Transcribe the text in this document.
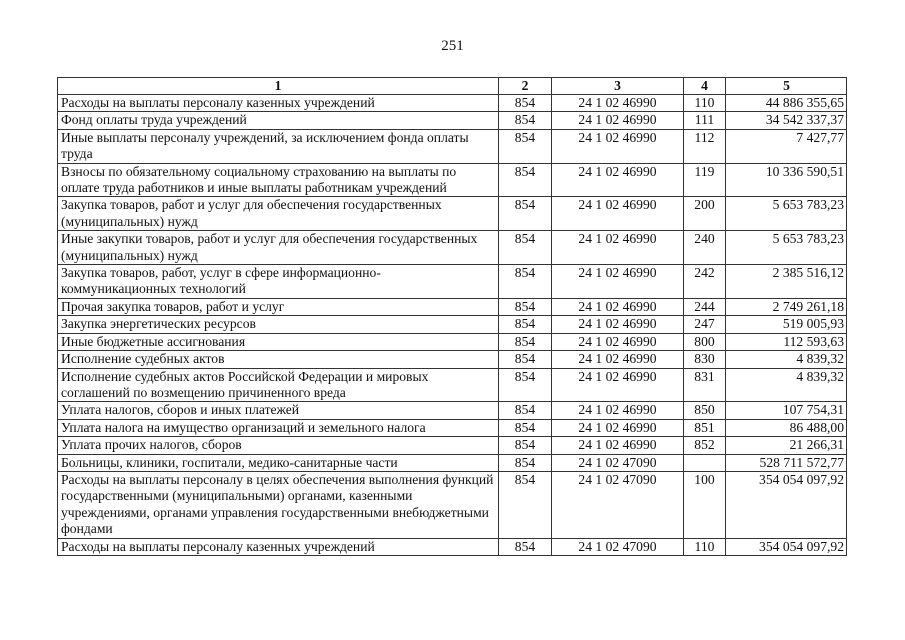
251
1	2	3	4	5
Расходы на выплаты персоналу казенных учреждений	854	24 1 02 46990	110	44 886 355,65
Фонд оплаты труда учреждений	854	24 1 02 46990	111	34 542 337,37
Иные выплаты персоналу учреждений, за исключением фонда оплаты труда	854	24 1 02 46990	112	7 427,77
Взносы по обязательному социальному страхованию на выплаты по оплате труда работников и иные выплаты работникам учреждений	854	24 1 02 46990	119	10 336 590,51
Закупка товаров, работ и услуг для обеспечения государственных (муниципальных) нужд	854	24 1 02 46990	200	5 653 783,23
Иные закупки товаров, работ и услуг для обеспечения государственных (муниципальных) нужд	854	24 1 02 46990	240	5 653 783,23
Закупка товаров, работ, услуг в сфере информационно-коммуникационных технологий	854	24 1 02 46990	242	2 385 516,12
Прочая закупка товаров, работ и услуг	854	24 1 02 46990	244	2 749 261,18
Закупка энергетических ресурсов	854	24 1 02 46990	247	519 005,93
Иные бюджетные ассигнования	854	24 1 02 46990	800	112 593,63
Исполнение судебных актов	854	24 1 02 46990	830	4 839,32
Исполнение судебных актов Российской Федерации и мировых соглашений по возмещению причиненного вреда	854	24 1 02 46990	831	4 839,32
Уплата налогов, сборов и иных платежей	854	24 1 02 46990	850	107 754,31
Уплата налога на имущество организаций и земельного налога	854	24 1 02 46990	851	86 488,00
Уплата прочих налогов, сборов	854	24 1 02 46990	852	21 266,31
Больницы, клиники, госпитали, медико-санитарные части	854	24 1 02 47090		528 711 572,77
Расходы на выплаты персоналу в целях обеспечения выполнения функций государственными (муниципальными) органами, казенными учреждениями, органами управления государственными внебюджетными фондами	854	24 1 02 47090	100	354 054 097,92
Расходы на выплаты персоналу казенных учреждений	854	24 1 02 47090	110	354 054 097,92
